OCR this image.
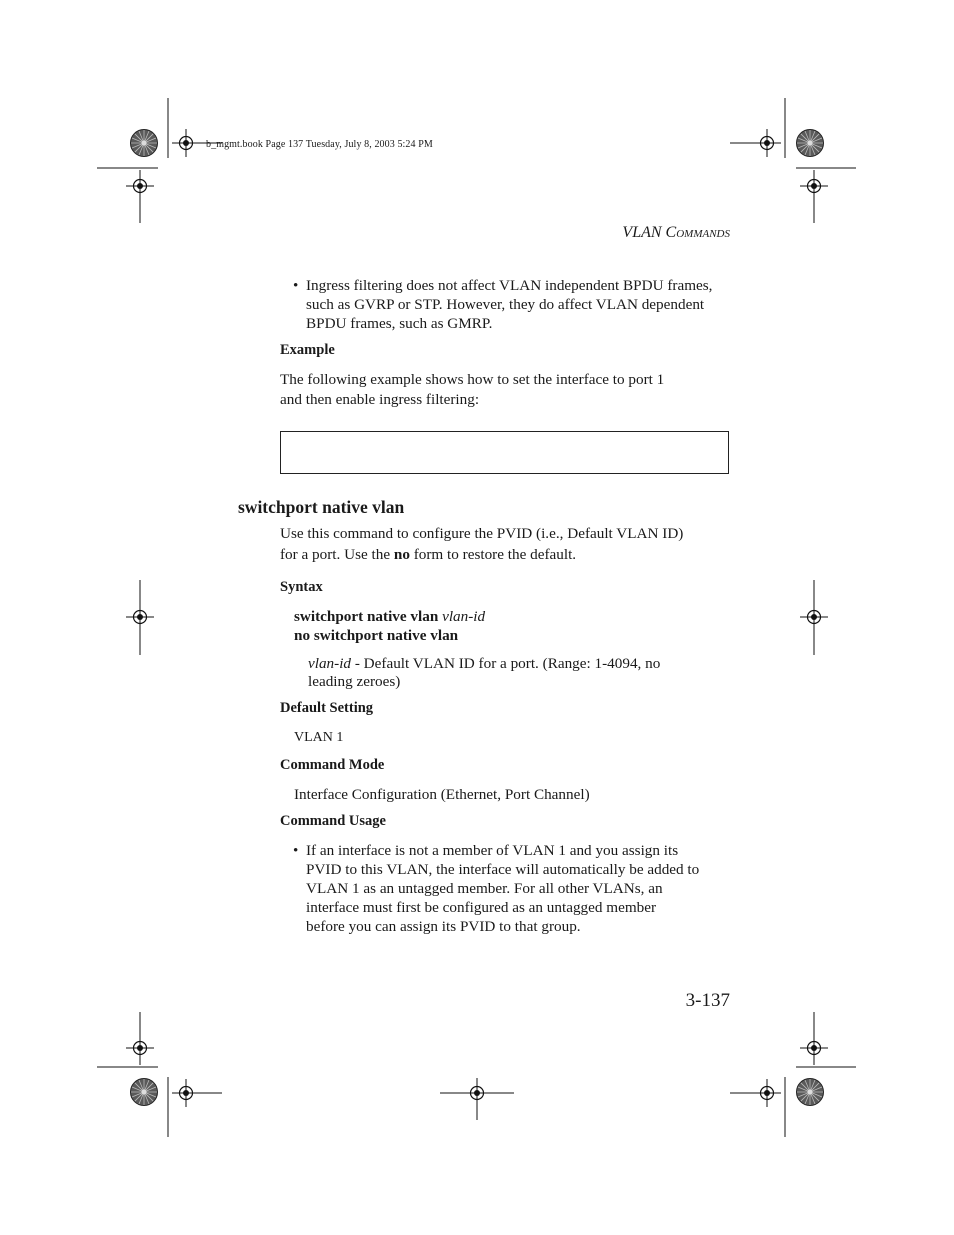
b_mgmt.book Page 137 Tuesday, July 8, 2003 5:24 PM
VLAN COMMANDS
• Ingress filtering does not affect VLAN independent BPDU frames, such as GVRP or STP. However, they do affect VLAN dependent BPDU frames, such as GMRP.
Example
The following example shows how to set the interface to port 1
and then enable ingress filtering:
switchport native vlan
Use this command to configure the PVID (i.e., Default VLAN ID)
for a port. Use the no form to restore the default.
Syntax
switchport native vlan vlan-id
no switchport native vlan
vlan-id - Default VLAN ID for a port. (Range: 1-4094, no
leading zeroes)
Default Setting
VLAN 1
Command Mode
Interface Configuration (Ethernet, Port Channel)
Command Usage
• If an interface is not a member of VLAN 1 and you assign its
PVID to this VLAN, the interface will automatically be added to
VLAN 1 as an untagged member. For all other VLANs, an
interface must first be configured as an untagged member
before you can assign its PVID to that group.
3-137
